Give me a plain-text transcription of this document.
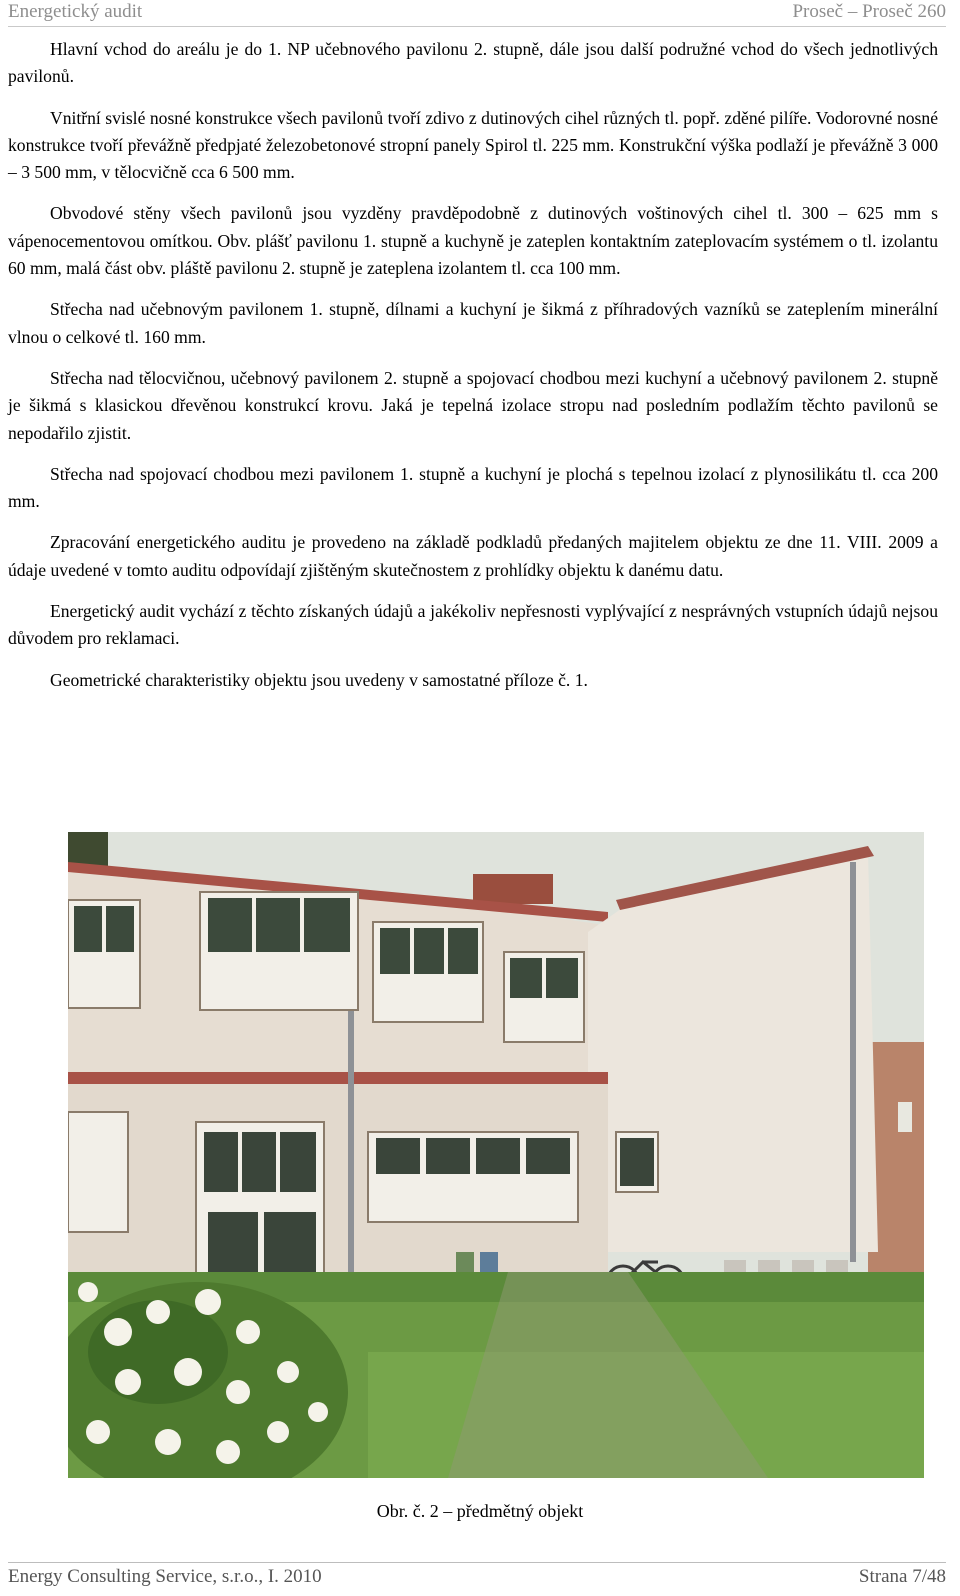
Energetický audit	Proseč – Proseč 260

Hlavní vchod do areálu je do 1. NP učebnového pavilonu 2. stupně, dále jsou další podružné vchod do všech jednotlivých pavilonů.

Vnitřní svislé nosné konstrukce všech pavilonů tvoří zdivo z dutinových cihel různých tl. popř. zděné pilíře. Vodorovné nosné konstrukce tvoří převážně předpjaté železobetonové stropní panely Spirol tl. 225 mm. Konstrukční výška podlaží je převážně 3 000 – 3 500 mm, v tělocvičně cca 6 500 mm.

Obvodové stěny všech pavilonů jsou vyzděny pravděpodobně z dutinových voštinových cihel tl. 300 – 625 mm s vápenocementovou omítkou. Obv. plášť pavilonu 1. stupně a kuchyně je zateplen kontaktním zateplovacím systémem o tl. izolantu 60 mm, malá část obv. pláště pavilonu 2. stupně je zateplena izolantem tl. cca 100 mm.

Střecha nad učebnovým pavilonem 1. stupně, dílnami a kuchyní je šikmá z příhradových vazníků se zateplením minerální vlnou o celkové tl. 160 mm.

Střecha nad tělocvičnou, učebnový pavilonem 2. stupně a spojovací chodbou mezi kuchyní a učebnový pavilonem 2. stupně je šikmá s klasickou dřevěnou konstrukcí krovu. Jaká je tepelná izolace stropu nad posledním podlažím těchto pavilonů se nepodařilo zjistit.

Střecha nad spojovací chodbou mezi pavilonem 1. stupně a kuchyní je plochá s tepelnou izolací z plynosilikátu tl. cca 200 mm.

Zpracování energetického auditu je provedeno na základě podkladů předaných majitelem objektu ze dne 11. VIII. 2009 a údaje uvedené v tomto auditu odpovídají zjištěným skutečnostem z prohlídky objektu k danému datu.

Energetický audit vychází z těchto získaných údajů a jakékoliv nepřesnosti vyplývající z nesprávných vstupních údajů nejsou důvodem pro reklamaci.

Geometrické charakteristiky objektu jsou uvedeny v samostatné příloze č. 1.

Obr. č. 2 – předmětný objekt
Energy Consulting Service, s.r.o., I. 2010	Strana 7/48
